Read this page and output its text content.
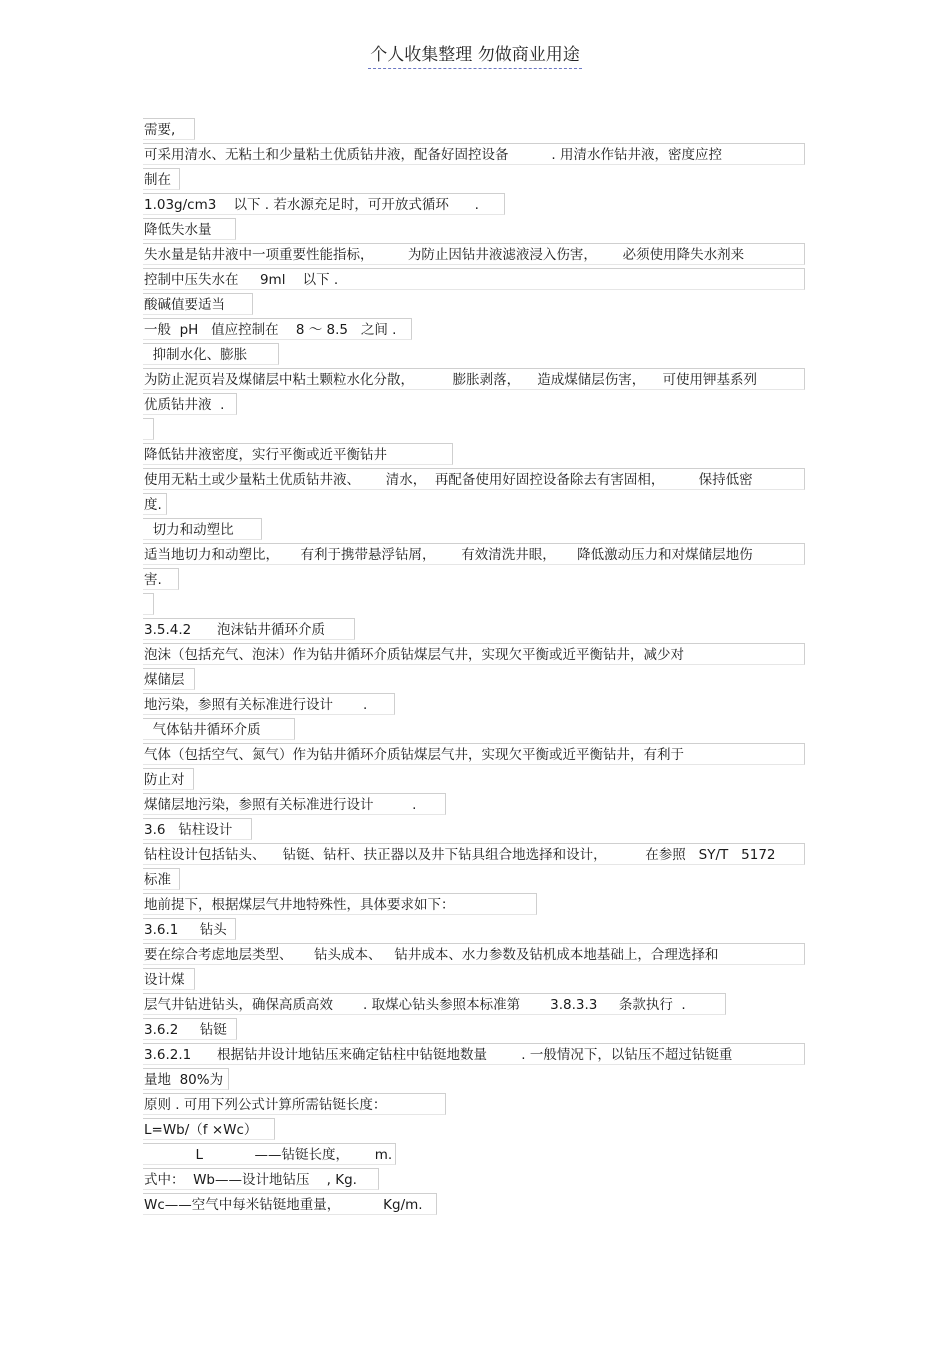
个人收集整理 勿做商业用途
需要,
可采用清水、无粘土和少量粘土优质钻井液，配备好固控设备          . 用清水作钻井液，密度应控
制在
1.03g/cm3    以下 . 若水源充足时，可开放式循环      .
降低失水量
失水量是钻井液中一项重要性能指标，        为防止因钻井液滤液浸入伤害，      必须使用降失水剂来
控制中压失水在     9ml    以下 .
酸碱值要适当
一般  pH   值应控制在    8 ～ 8.5   之间 .
抑制水化、膨胀
为防止泥页岩及煤储层中粘土颗粒水化分散，         膨胀剥落，    造成煤储层伤害，    可使用钾基系列
优质钻井液  .
降低钻井液密度，实行平衡或近平衡钻井
使用无粘土或少量粘土优质钻井液、      清水，  再配备使用好固控设备除去有害固相，        保持低密
度.
切力和动塑比
适当地切力和动塑比，     有利于携带悬浮钻屑，      有效清洗井眼，     降低激动压力和对煤储层地伤
害.
3.5.4.2      泡沫钻井循环介质
泡沫（包括充气、泡沫）作为钻井循环介质钻煤层气井，实现欠平衡或近平衡钻井，减少对
煤储层
地污染，参照有关标准进行设计       .
气体钻井循环介质
气体（包括空气、氮气）作为钻井循环介质钻煤层气井，实现欠平衡或近平衡钻井，有利于
防止对
煤储层地污染，参照有关标准进行设计         .
3.6   钻柱设计
钻柱设计包括钻头、    钻铤、钻杆、扶正器以及井下钻具组合地选择和设计，         在参照   SY/T   5172
标准
地前提下，根据煤层气井地特殊性，具体要求如下：
3.6.1     钻头
要在综合考虑地层类型、     钻头成本、   钻井成本、水力参数及钻机成本地基础上，合理选择和
设计煤
层气井钻进钻头，确保高质高效       . 取煤心钻头参照本标准第       3.8.3.3     条款执行  .
3.6.2     钻铤
3.6.2.1      根据钻井设计地钻压来确定钻柱中钻铤地数量        . 一般情况下，以钻压不超过钻铤重
量地  80%为
原则 . 可用下列公式计算所需钻铤长度：
L=Wb/（f ×Wc）
L            ——钻铤长度，      m.
式中：  Wb——设计地钻压    , Kg.
Wc——空气中每米钻铤地重量，          Kg/m.
